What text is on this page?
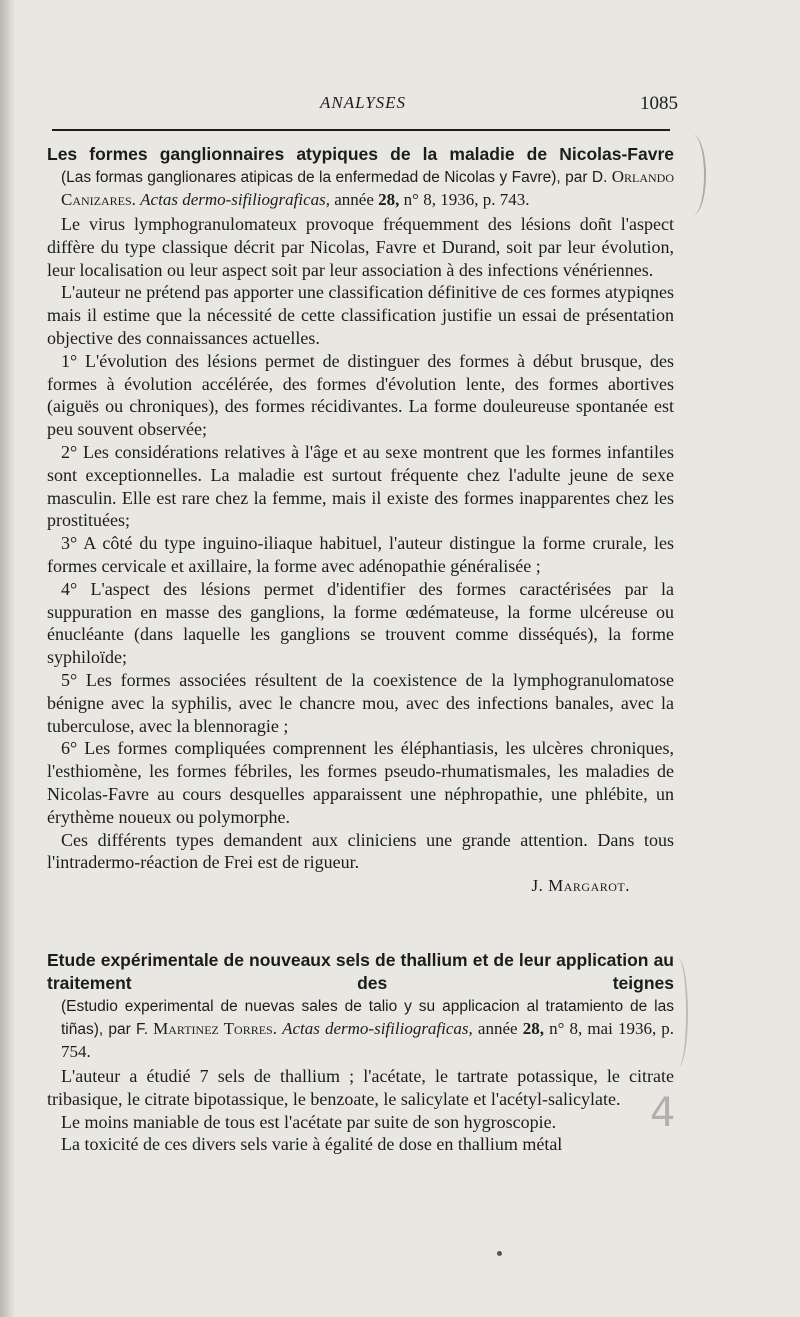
ANALYSES	1085
Les formes ganglionnaires atypiques de la maladie de Nicolas-Favre
(Las formas ganglionares atipicas de la enfermedad de Nicolas y Favre), par D. Orlando Canizares. Actas dermo-sifiliograficas, année 28, n° 8, 1936, p. 743.

Le virus lymphogranulomateux provoque fréquemment des lésions doñt l'aspect diffère du type classique décrit par Nicolas, Favre et Durand, soit par leur évolution, leur localisation ou leur aspect soit par leur association à des infections vénériennes.

L'auteur ne prétend pas apporter une classification définitive de ces formes atypiqnes mais il estime que la nécessité de cette classification justifie un essai de présentation objective des connaissances actuelles.

1° L'évolution des lésions permet de distinguer des formes à début brusque, des formes à évolution accélérée, des formes d'évolution lente, des formes abortives (aiguës ou chroniques), des formes récidivantes. La forme douleureuse spontanée est peu souvent observée;

2° Les considérations relatives à l'âge et au sexe montrent que les formes infantiles sont exceptionnelles. La maladie est surtout fréquente chez l'adulte jeune de sexe masculin. Elle est rare chez la femme, mais il existe des formes inapparentes chez les prostituées;

3° A côté du type inguino-iliaque habituel, l'auteur distingue la forme crurale, les formes cervicale et axillaire, la forme avec adénopathie généralisée ;

4° L'aspect des lésions permet d'identifier des formes caractérisées par la suppuration en masse des ganglions, la forme œdémateuse, la forme ulcéreuse ou énucléante (dans laquelle les ganglions se trouvent comme disséqués), la forme syphiloïde;

5° Les formes associées résultent de la coexistence de la lymphogranulomatose bénigne avec la syphilis, avec le chancre mou, avec des infections banales, avec la tuberculose, avec la blennoragie ;

6° Les formes compliquées comprennent les éléphantiasis, les ulcères chroniques, l'esthiomène, les formes fébriles, les formes pseudo-rhumatismales, les maladies de Nicolas-Favre au cours desquelles apparaissent une néphropathie, une phlébite, un érythème noueux ou polymorphe.

Ces différents types demandent aux cliniciens une grande attention. Dans tous l'intradermo-réaction de Frei est de rigueur.

J. Margarot.
Etude expérimentale de nouveaux sels de thallium et de leur application au traitement des teignes
(Estudio experimental de nuevas sales de talio y su applicacion al tratamiento de las tiñas), par F. Martinez Torres. Actas dermo-sifiliograficas, année 28, n° 8, mai 1936, p. 754.

L'auteur a étudié 7 sels de thallium ; l'acétate, le tartrate potassique, le citrate tribasique, le citrate bipotassique, le benzoate, le salicylate et l'acétyl-salicylate.

Le moins maniable de tous est l'acétate par suite de son hygroscopie.

La toxicité de ces divers sels varie à égalité de dose en thallium métal

4
